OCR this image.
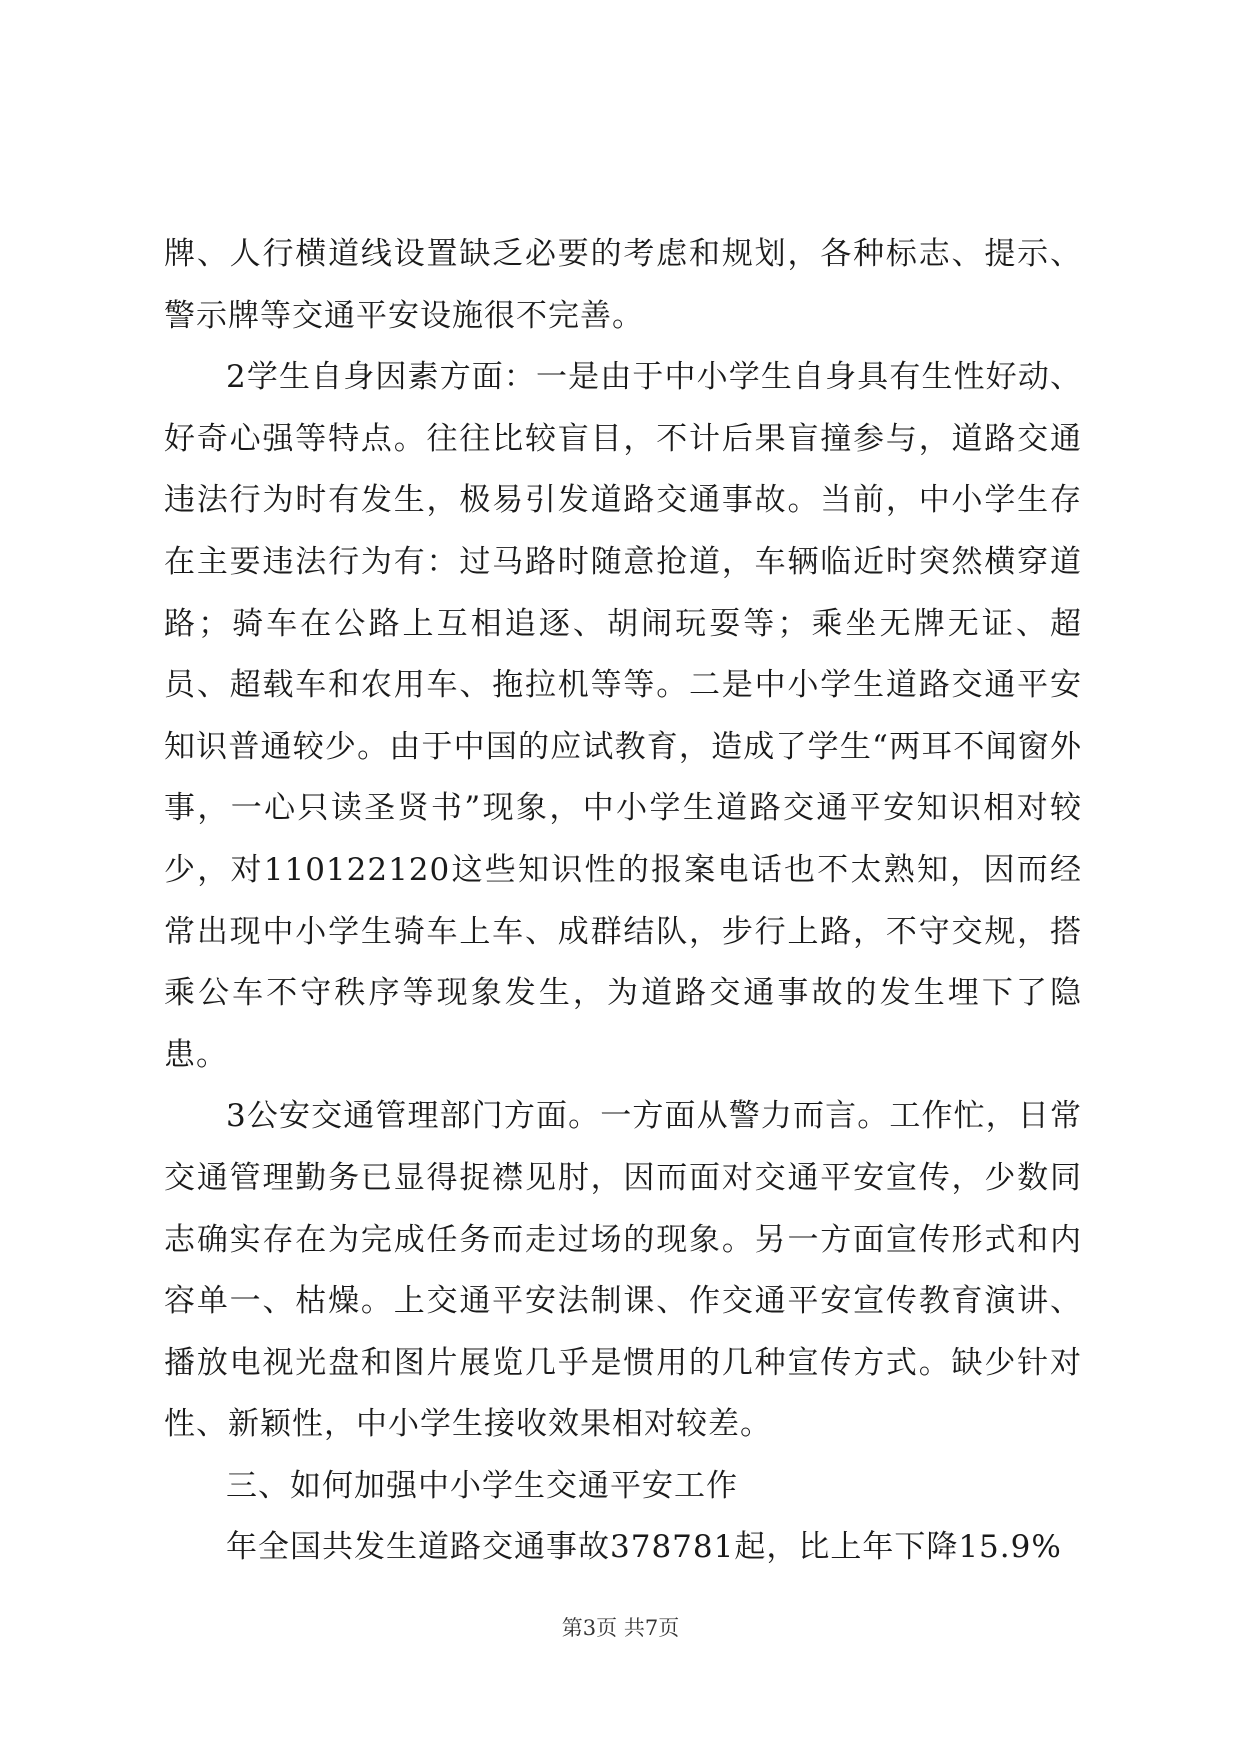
牌、人行横道线设置缺乏必要的考虑和规划，各种标志、提示、警示牌等交通平安设施很不完善。

2学生自身因素方面：一是由于中小学生自身具有生性好动、好奇心强等特点。往往比较盲目，不计后果盲撞参与，道路交通违法行为时有发生，极易引发道路交通事故。当前，中小学生存在主要违法行为有：过马路时随意抢道，车辆临近时突然横穿道路；骑车在公路上互相追逐、胡闹玩耍等；乘坐无牌无证、超员、超载车和农用车、拖拉机等等。二是中小学生道路交通平安知识普通较少。由于中国的应试教育，造成了学生“两耳不闻窗外事，一心只读圣贤书”现象，中小学生道路交通平安知识相对较少，对110122120这些知识性的报案电话也不太熟知，因而经常出现中小学生骑车上车、成群结队，步行上路，不守交规，搭乘公车不守秩序等现象发生，为道路交通事故的发生埋下了隐患。

3公安交通管理部门方面。一方面从警力而言。工作忙，日常交通管理勤务已显得捉襟见肘，因而面对交通平安宣传，少数同志确实存在为完成任务而走过场的现象。另一方面宣传形式和内容单一、枯燥。上交通平安法制课、作交通平安宣传教育演讲、播放电视光盘和图片展览几乎是惯用的几种宣传方式。缺少针对性、新颖性，中小学生接收效果相对较差。

三、如何加强中小学生交通平安工作

年全国共发生道路交通事故378781起，比上年下降15.9%

第3页 共7页
